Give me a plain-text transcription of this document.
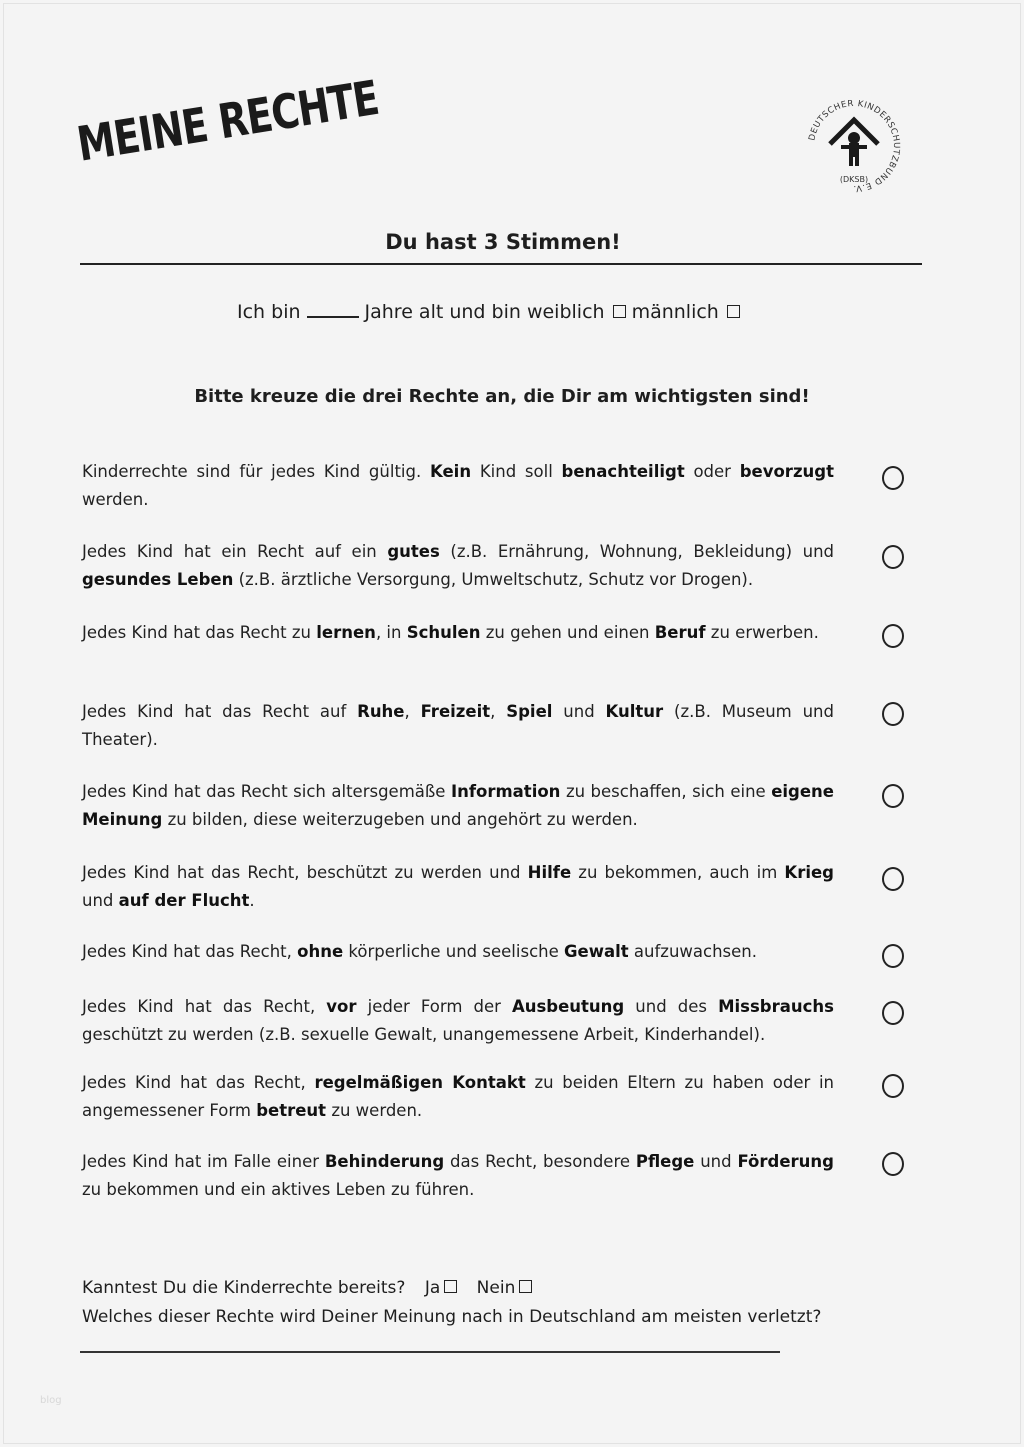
MEINE RECHTE	DEUTSCHER KINDERSCHUTZBUND E.V.
(DKSB)
Du hast 3 Stimmen!
Ich bin	Jahre alt und bin weiblich männlich
Bitte kreuze die drei Rechte an, die Dir am wichtigsten sind!
Kinderrechte sind für jedes Kind gültig. Kein Kind soll benachteiligt oder bevorzugt werden.
Jedes Kind hat ein Recht auf ein gutes (z.B. Ernährung, Wohnung, Bekleidung) und gesundes Leben (z.B. ärztliche Versorgung, Umweltschutz, Schutz vor Drogen).
Jedes Kind hat das Recht zu lernen, in Schulen zu gehen und einen Beruf zu erwerben.
Jedes Kind hat das Recht auf Ruhe, Freizeit, Spiel und Kultur (z.B. Museum und Theater).
Jedes Kind hat das Recht sich altersgemäße Information zu beschaffen, sich eine eigene Meinung zu bilden, diese weiterzugeben und angehört zu werden.
Jedes Kind hat das Recht, beschützt zu werden und Hilfe zu bekommen, auch im Krieg und auf der Flucht.
Jedes Kind hat das Recht, ohne körperliche und seelische Gewalt aufzuwachsen.
Jedes Kind hat das Recht, vor jeder Form der Ausbeutung und des Missbrauchs geschützt zu werden (z.B. sexuelle Gewalt, unangemessene Arbeit, Kinderhandel).
Jedes Kind hat das Recht, regelmäßigen Kontakt zu beiden Eltern zu haben oder in angemessener Form betreut zu werden.
Jedes Kind hat im Falle einer Behinderung das Recht, besondere Pflege und Förderung zu bekommen und ein aktives Leben zu führen.
Kanntest Du die Kinderrechte bereits? Ja Nein
Welches dieser Rechte wird Deiner Meinung nach in Deutschland am meisten verletzt?
blog
